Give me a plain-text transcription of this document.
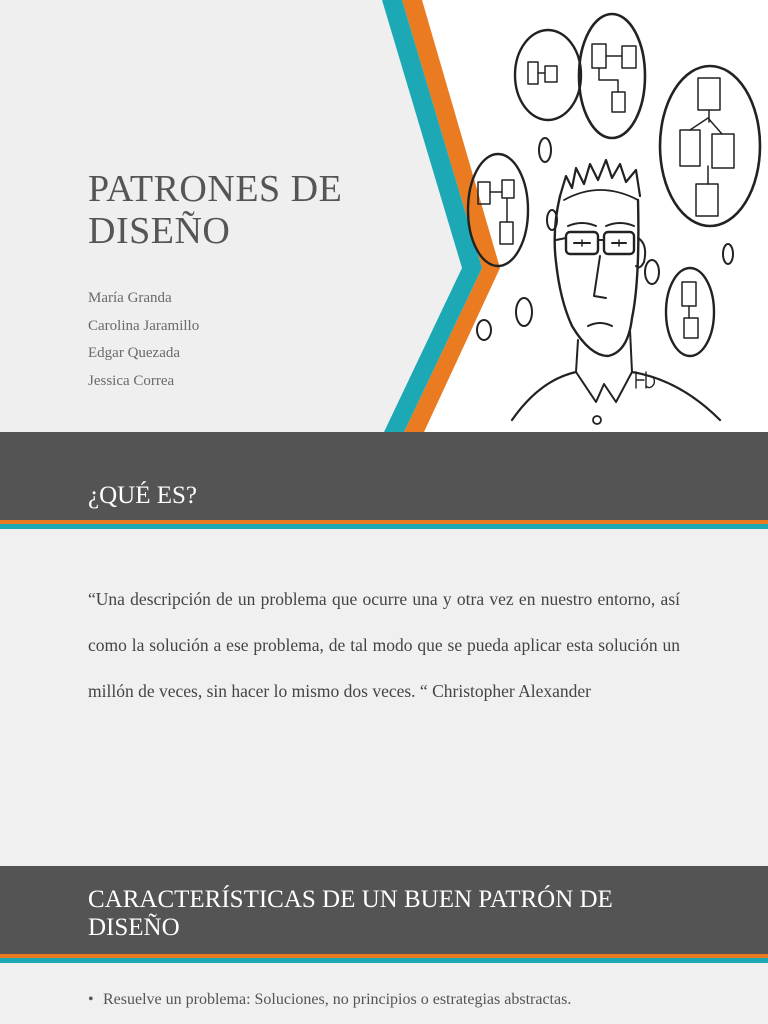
PATRONES DE DISEÑO
María Granda
Carolina Jaramillo
Edgar Quezada
Jessica Correa
¿QUÉ ES?
“Una descripción de un problema que ocurre una y otra vez en nuestro entorno, así como la solución a ese problema, de tal modo que se pueda aplicar esta solución un millón de veces, sin hacer lo mismo dos veces. “ Christopher Alexander
CARACTERÍSTICAS DE UN BUEN PATRÓN DE DISEÑO
• Resuelve un problema: Soluciones, no principios o estrategias abstractas.
